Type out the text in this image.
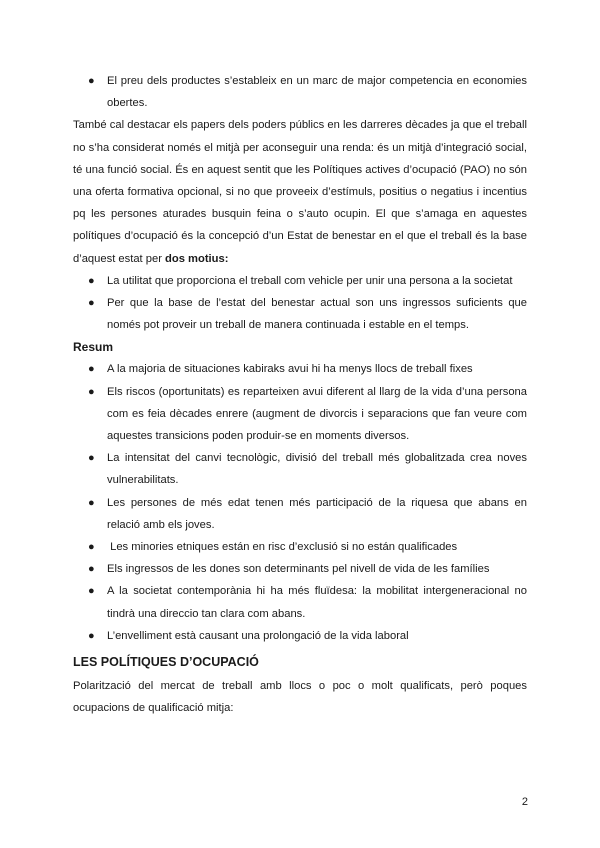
● El preu dels productes s’estableix en un marc de major competencia en economies obertes.

També cal destacar els papers dels poders públics en les darreres dècades ja que el treball no s’ha considerat només el mitjà per aconseguir una renda: és un mitjà d’integració social, té una funció social. És en aquest sentit que les Polítiques actives d’ocupació (PAO) no són una oferta formativa opcional, si no que proveeix d’estímuls, positius o negatius i incentius pq les persones aturades busquin feina o s’auto ocupin. El que s’amaga en aquestes polítiques d’ocupació és la concepció d’un Estat de benestar en el que el treball és la base d’aquest estat per dos motius:

● La utilitat que proporciona el treball com vehicle per unir una persona a la societat
● Per que la base de l’estat del benestar actual son uns ingressos suficients que només pot proveir un treball de manera continuada i estable en el temps.
Resum
● A la majoria de situaciones kabiraks avui hi ha menys llocs de treball fixes
● Els riscos (oportunitats) es reparteixen avui diferent al llarg de la vida d’una persona com es feia dècades enrere (augment de divorcis i separacions que fan veure com aquestes transicions poden produir-se en moments diversos.
● La intensitat del canvi tecnològic, divisió del treball més globalitzada crea noves vulnerabilitats.
● Les persones de més edat tenen més participació de la riquesa que abans en relació amb els joves.
● Les minories etniques están en risc d’exclusió si no están qualificades
● Els ingressos de les dones son determinants pel nivell de vida de les famílies
● A la societat contemporània hi ha més fluïdesa: la mobilitat intergeneracional no tindrà una direccio tan clara com abans.
● L’envelliment està causant una prolongació de la vida laboral
LES POLÍTIQUES D’OCUPACIÓ

Polarització del mercat de treball amb llocs o poc o molt qualificats, però poques ocupacions de qualificació mitja:

2
